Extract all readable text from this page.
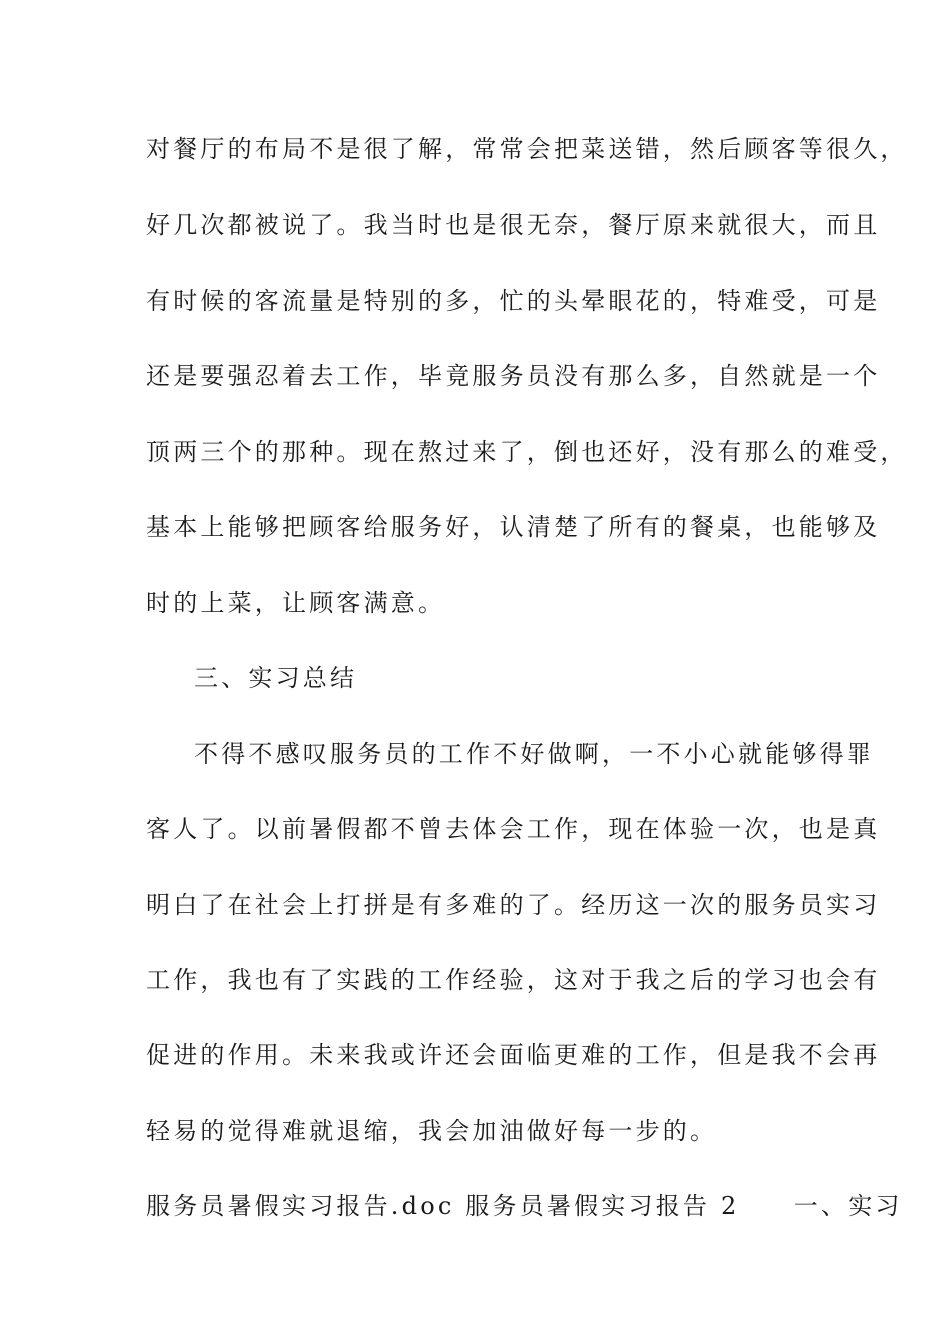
对餐厅的布局不是很了解，常常会把菜送错，然后顾客等很久，
好几次都被说了。我当时也是很无奈，餐厅原来就很大，而且
有时候的客流量是特别的多，忙的头晕眼花的，特难受，可是
还是要强忍着去工作，毕竟服务员没有那么多，自然就是一个
顶两三个的那种。现在熬过来了，倒也还好，没有那么的难受，
基本上能够把顾客给服务好，认清楚了所有的餐桌，也能够及
时的上菜，让顾客满意。
三、实习总结
不得不感叹服务员的工作不好做啊，一不小心就能够得罪
客人了。以前暑假都不曾去体会工作，现在体验一次，也是真
明白了在社会上打拼是有多难的了。经历这一次的服务员实习
工作，我也有了实践的工作经验，这对于我之后的学习也会有
促进的作用。未来我或许还会面临更难的工作，但是我不会再
轻易的觉得难就退缩，我会加油做好每一步的。
服务员暑假实习报告.doc 服务员暑假实习报告 2　　一、实习
